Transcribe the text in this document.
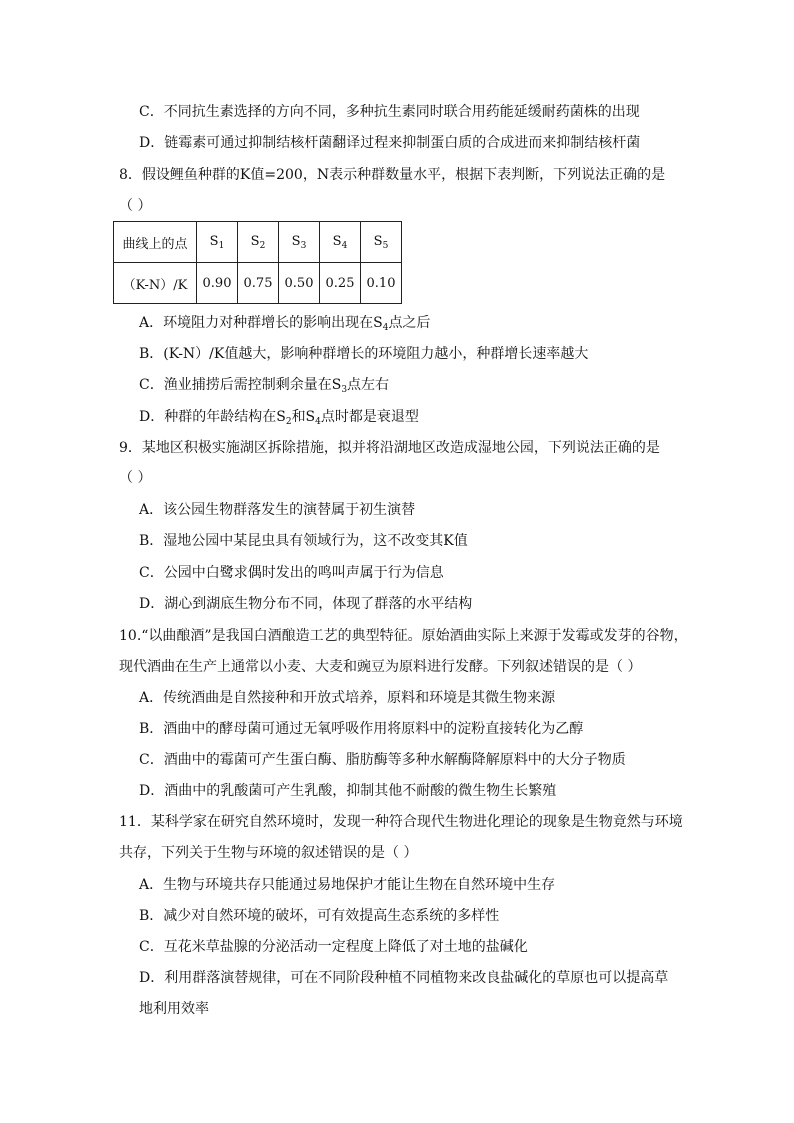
C．不同抗生素选择的方向不同，多种抗生素同时联合用药能延缓耐药菌株的出现
D．链霉素可通过抑制结核杆菌翻译过程来抑制蛋白质的合成进而来抑制结核杆菌
8．假设鲤鱼种群的K值=200，N表示种群数量水平，根据下表判断，下列说法正确的是
（ ）
曲线上的点	$S_1$	$S_2$	$S_3$	$S_4$	$S_5$
（K-N）/K	0.90	0.75	0.50	0.25	0.10
A．环境阻力对种群增长的影响出现在$S_4$点之后
B．(K-N）/K值越大，影响种群增长的环境阻力越小，种群增长速率越大
C．渔业捕捞后需控制剩余量在$S_3$点左右
D．种群的年龄结构在$S_2$和$S_4$点时都是衰退型
9．某地区积极实施湖区拆除措施，拟并将沿湖地区改造成湿地公园，下列说法正确的是
（ ）
A．该公园生物群落发生的演替属于初生演替
B．湿地公园中某昆虫具有领域行为，这不改变其K值
C．公园中白鹭求偶时发出的鸣叫声属于行为信息
D．湖心到湖底生物分布不同，体现了群落的水平结构
10.“以曲酿酒”是我国白酒酿造工艺的典型特征。原始酒曲实际上来源于发霉或发芽的谷物，
现代酒曲在生产上通常以小麦、大麦和豌豆为原料进行发酵。下列叙述错误的是（ ）
A．传统酒曲是自然接种和开放式培养，原料和环境是其微生物来源
B．酒曲中的酵母菌可通过无氧呼吸作用将原料中的淀粉直接转化为乙醇
C．酒曲中的霉菌可产生蛋白酶、脂肪酶等多种水解酶降解原料中的大分子物质
D．酒曲中的乳酸菌可产生乳酸，抑制其他不耐酸的微生物生长繁殖
11．某科学家在研究自然环境时，发现一种符合现代生物进化理论的现象是生物竟然与环境
共存，下列关于生物与环境的叙述错误的是（ ）
A．生物与环境共存只能通过易地保护才能让生物在自然环境中生存
B．减少对自然环境的破坏，可有效提高生态系统的多样性
C．互花米草盐腺的分泌活动一定程度上降低了对土地的盐碱化
D．利用群落演替规律，可在不同阶段种植不同植物来改良盐碱化的草原也可以提高草
地利用效率
